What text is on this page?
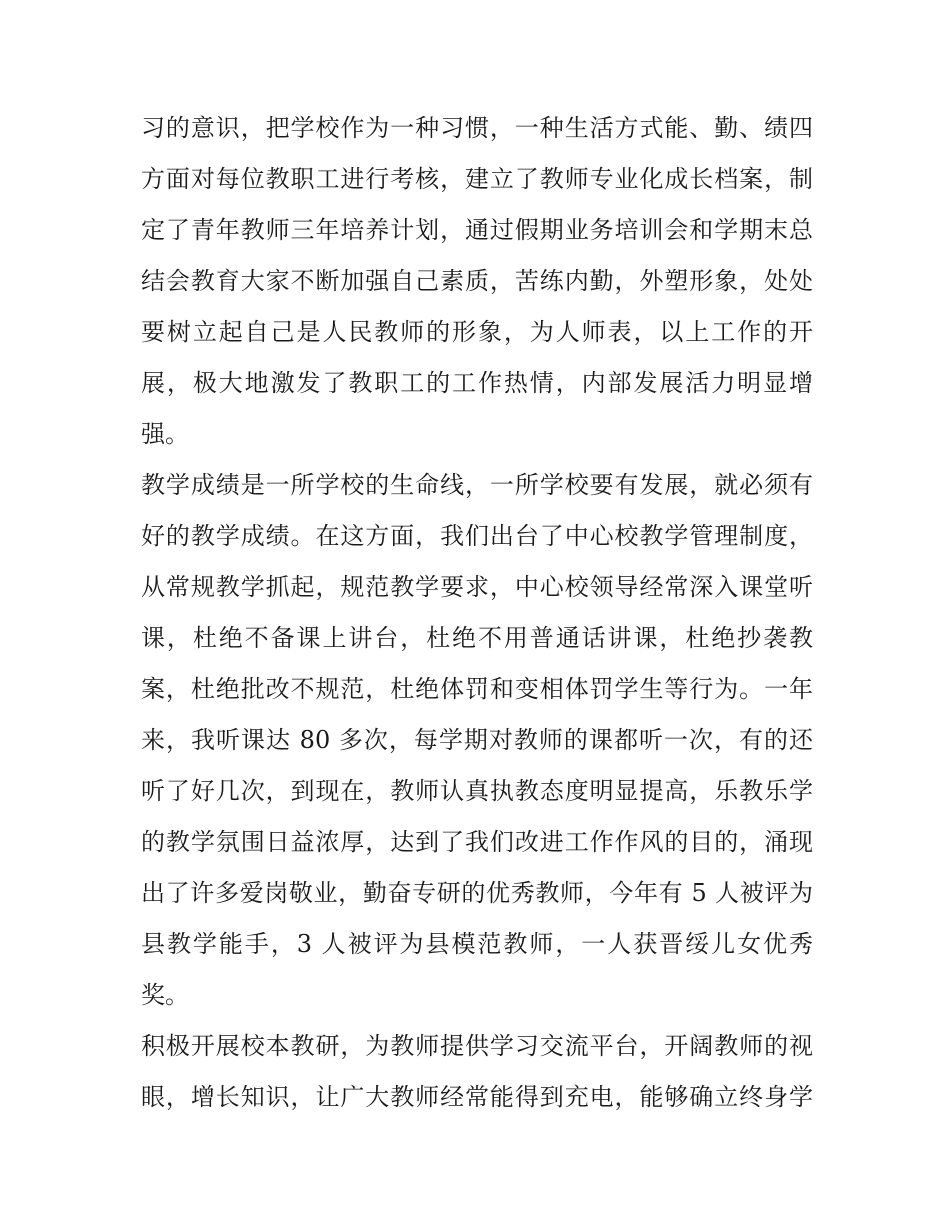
习的意识，把学校作为一种习惯，一种生活方式能、勤、绩四
方面对每位教职工进行考核，建立了教师专业化成长档案，制
定了青年教师三年培养计划，通过假期业务培训会和学期末总
结会教育大家不断加强自己素质，苦练内勤，外塑形象，处处
要树立起自己是人民教师的形象，为人师表，以上工作的开
展，极大地激发了教职工的工作热情，内部发展活力明显增
强。
教学成绩是一所学校的生命线，一所学校要有发展，就必须有
好的教学成绩。在这方面，我们出台了中心校教学管理制度，
从常规教学抓起，规范教学要求，中心校领导经常深入课堂听
课，杜绝不备课上讲台，杜绝不用普通话讲课，杜绝抄袭教
案，杜绝批改不规范，杜绝体罚和变相体罚学生等行为。一年
来，我听课达 80 多次，每学期对教师的课都听一次，有的还
听了好几次，到现在，教师认真执教态度明显提高，乐教乐学
的教学氛围日益浓厚，达到了我们改进工作作风的目的，涌现
出了许多爱岗敬业，勤奋专研的优秀教师，今年有 5 人被评为
县教学能手，3 人被评为县模范教师，一人获晋绥儿女优秀
奖。
积极开展校本教研，为教师提供学习交流平台，开阔教师的视
眼，增长知识，让广大教师经常能得到充电，能够确立终身学
